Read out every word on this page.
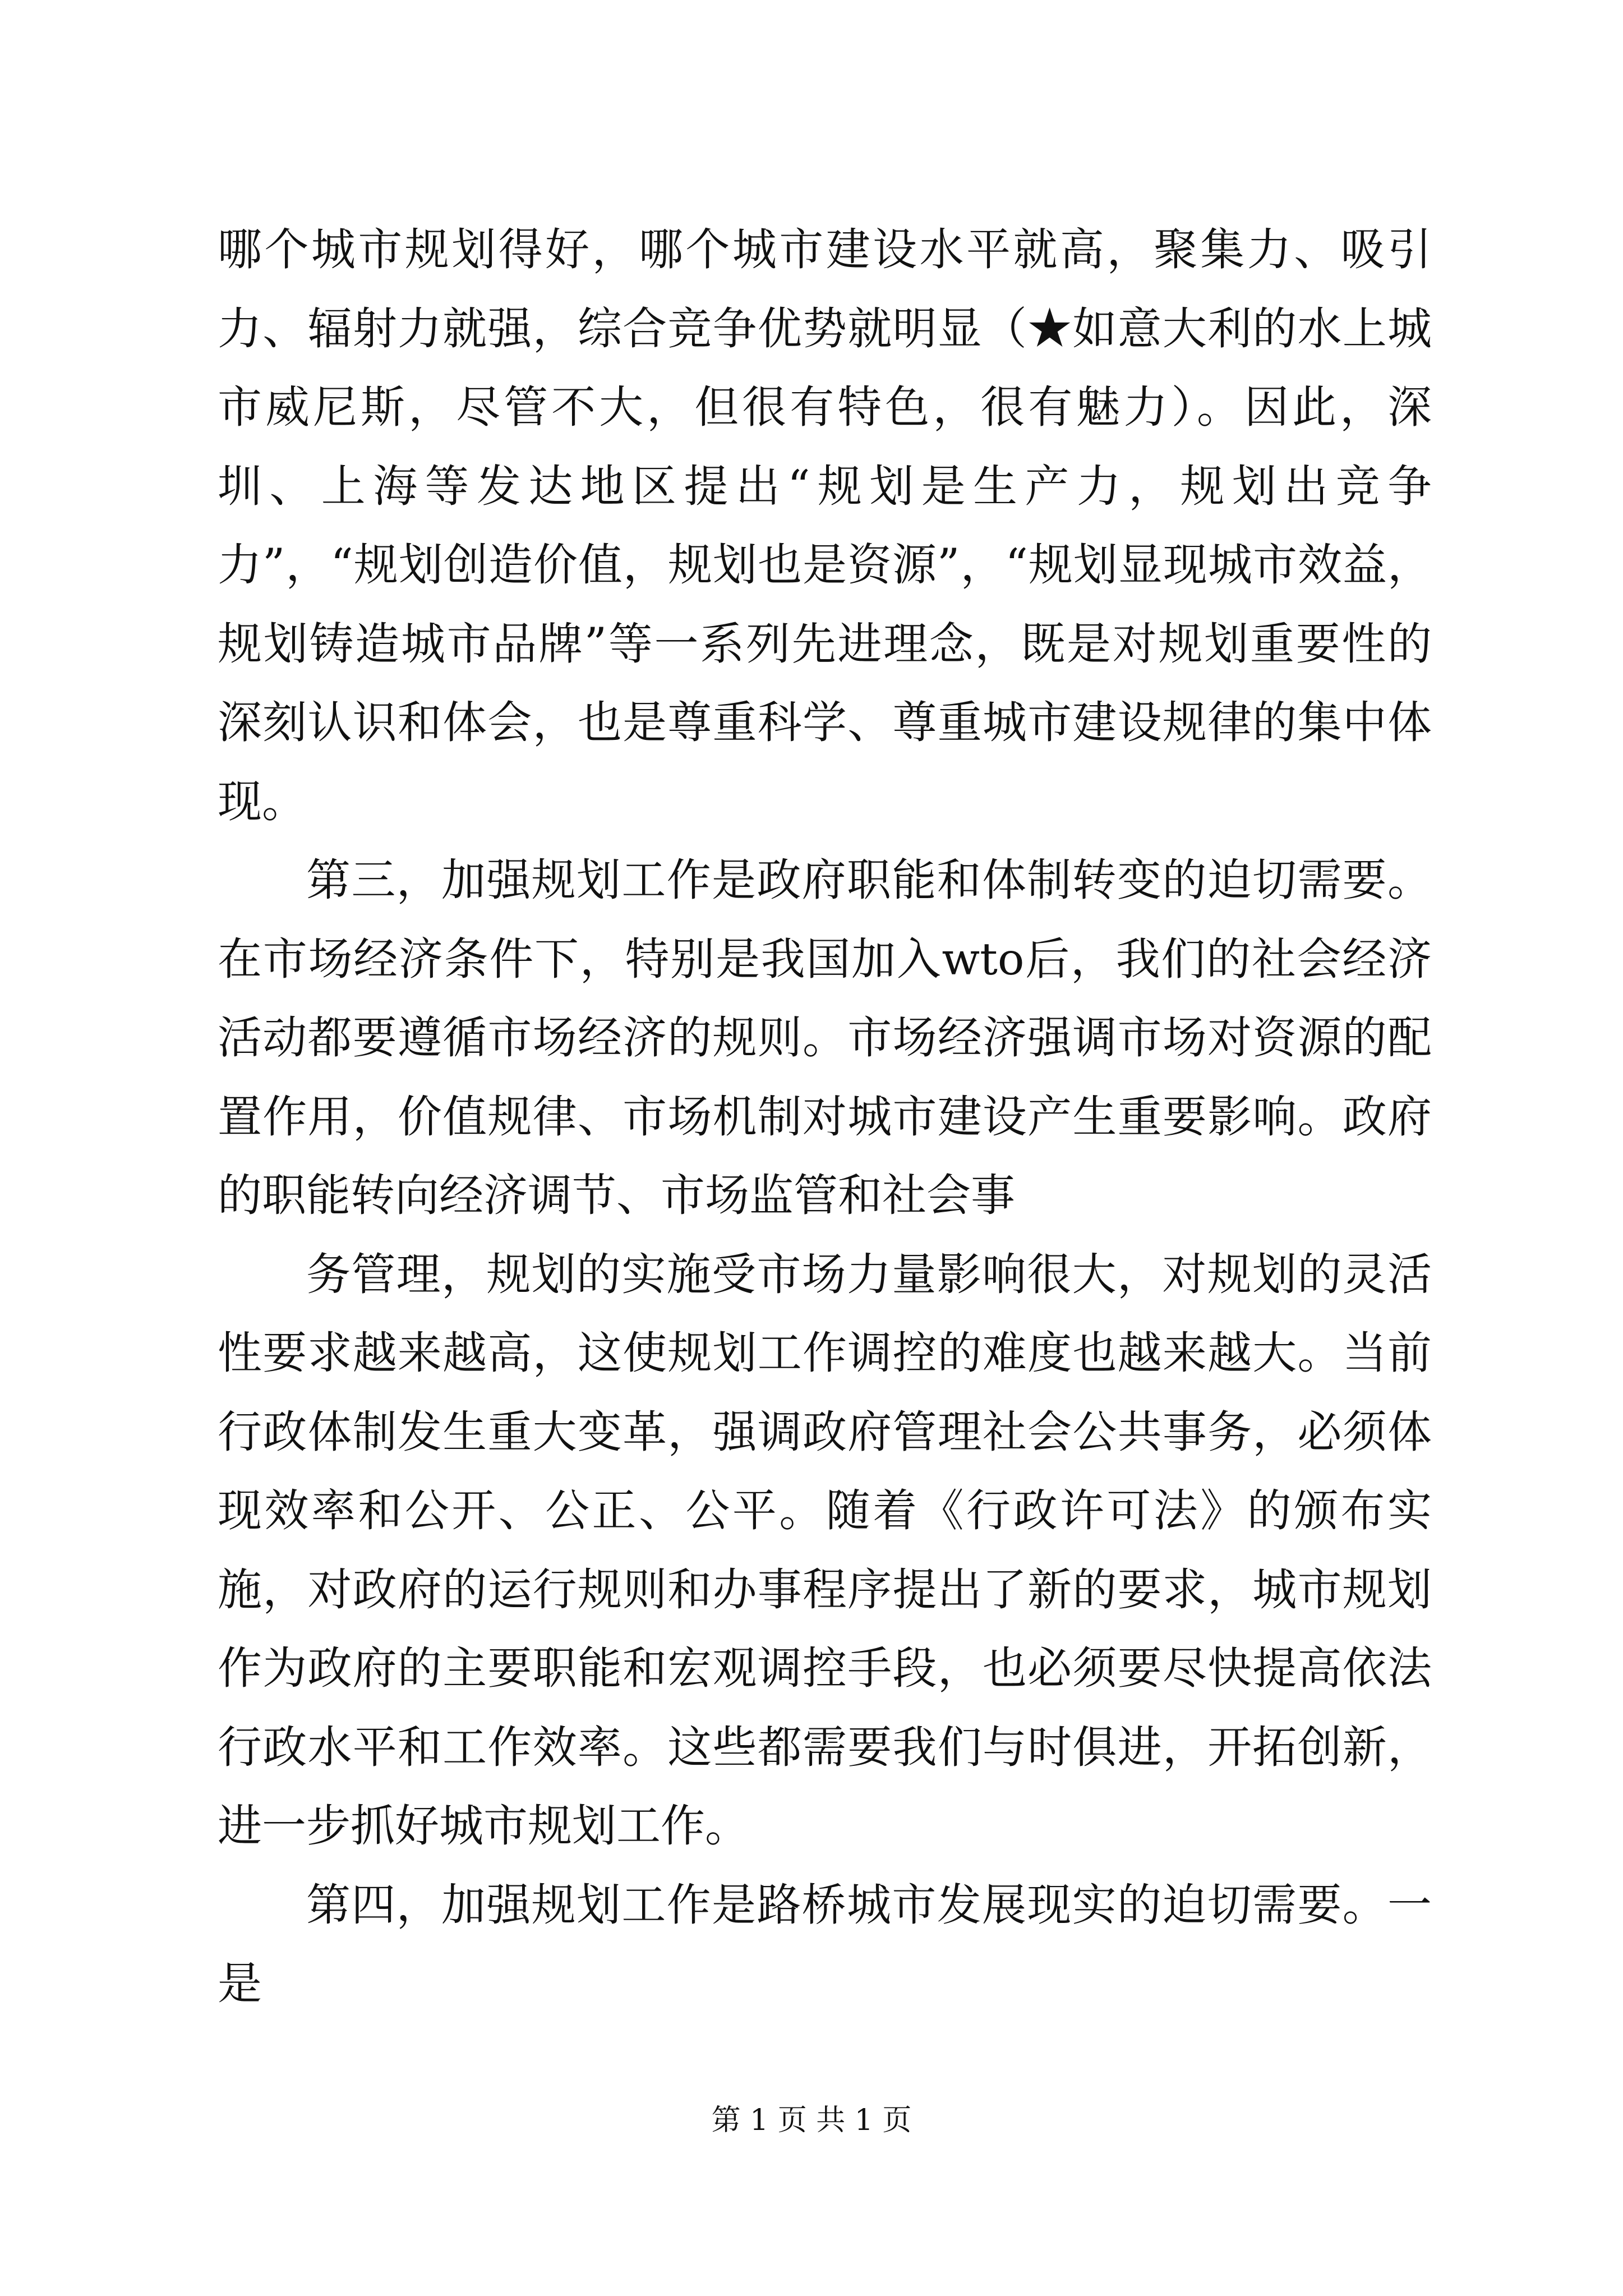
哪个城市规划得好，哪个城市建设水平就高，聚集力、吸引力、辐射力就强，综合竞争优势就明显（★如意大利的水上城市威尼斯，尽管不大，但很有特色，很有魅力）。因此，深圳、上海等发达地区提出“规划是生产力，规划出竞争力”，“规划创造价值，规划也是资源”，“规划显现城市效益，规划铸造城市品牌”等一系列先进理念，既是对规划重要性的深刻认识和体会，也是尊重科学、尊重城市建设规律的集中体现。

第三，加强规划工作是政府职能和体制转变的迫切需要。在市场经济条件下，特别是我国加入wto后，我们的社会经济活动都要遵循市场经济的规则。市场经济强调市场对资源的配置作用，价值规律、市场机制对城市建设产生重要影响。政府的职能转向经济调节、市场监管和社会事

务管理，规划的实施受市场力量影响很大，对规划的灵活性要求越来越高，这使规划工作调控的难度也越来越大。当前行政体制发生重大变革，强调政府管理社会公共事务，必须体现效率和公开、公正、公平。随着《行政许可法》的颁布实施，对政府的运行规则和办事程序提出了新的要求，城市规划作为政府的主要职能和宏观调控手段，也必须要尽快提高依法行政水平和工作效率。这些都需要我们与时俱进，开拓创新，进一步抓好城市规划工作。

第四，加强规划工作是路桥城市发展现实的迫切需要。一是

第 1 页 共 1 页
